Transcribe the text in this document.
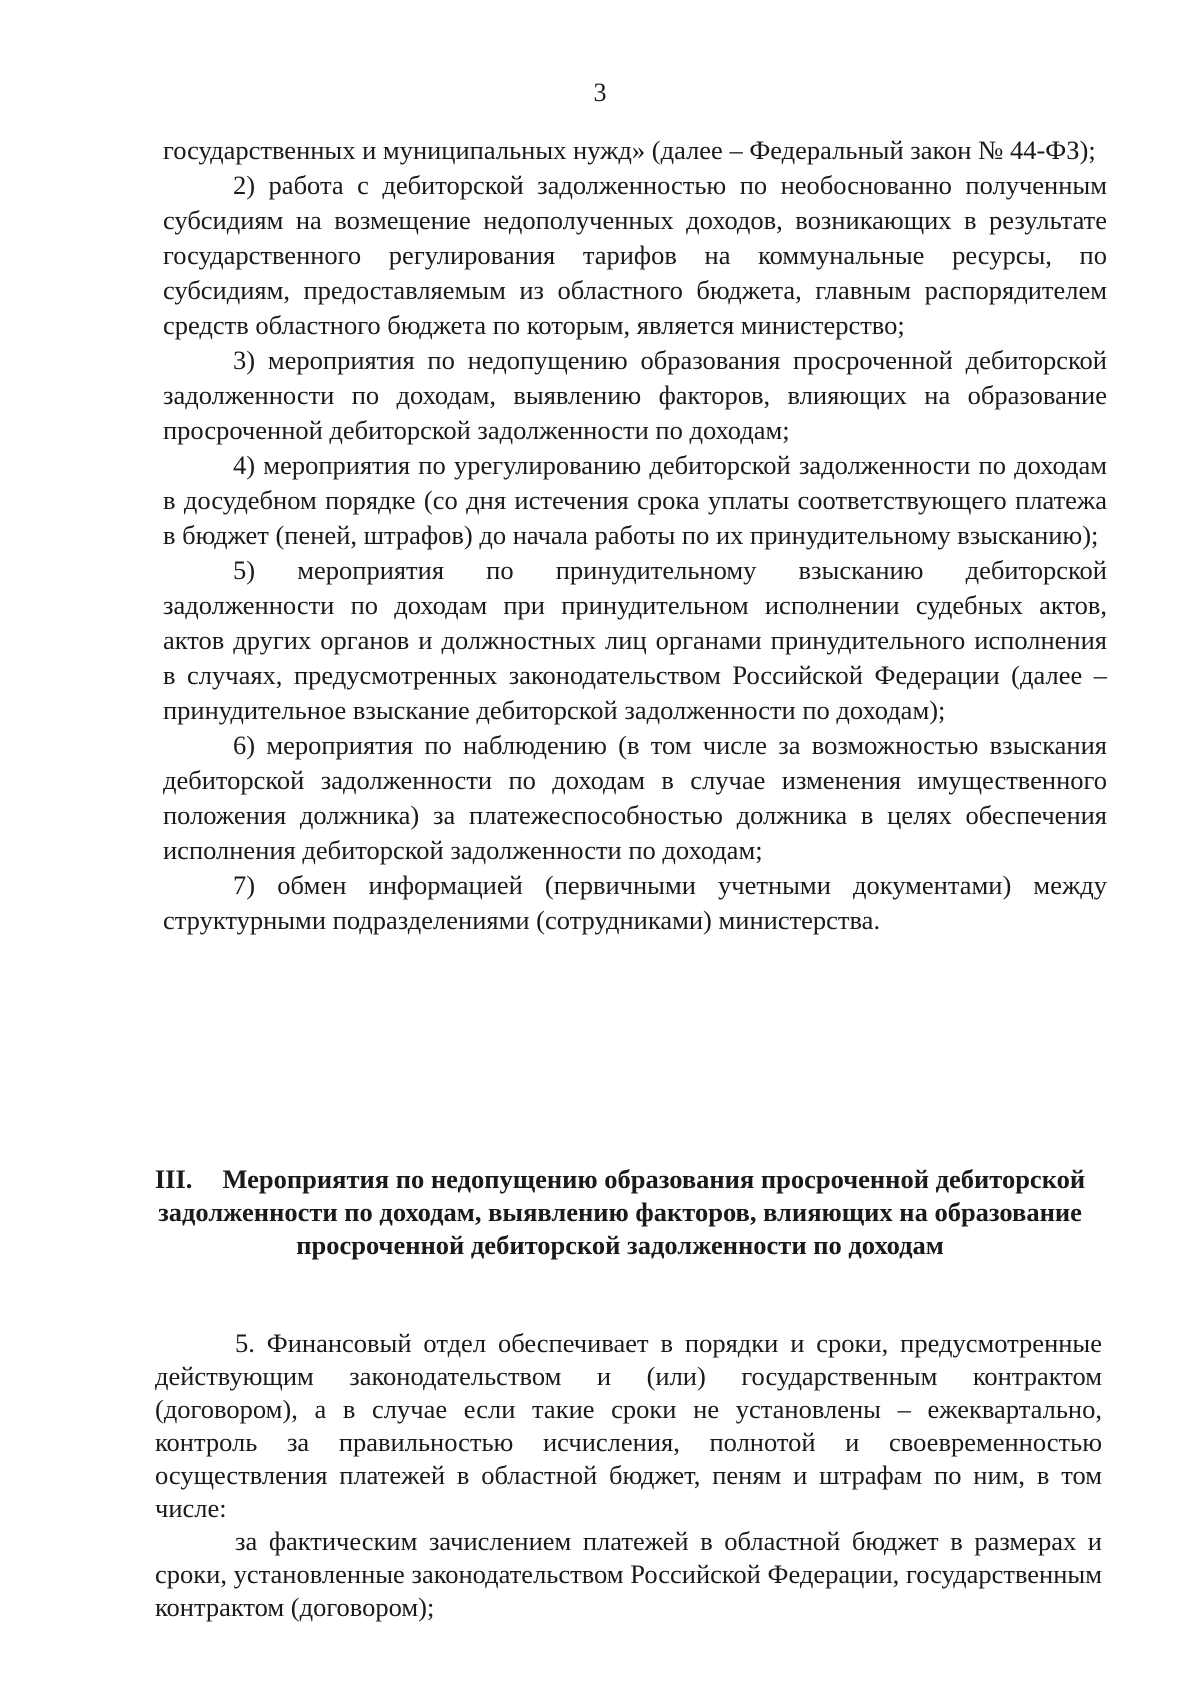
3

государственных и муниципальных нужд» (далее – Федеральный закон № 44-ФЗ);

2) работа с дебиторской задолженностью по необоснованно полученным субсидиям на возмещение недополученных доходов, возникающих в результате государственного регулирования тарифов на коммунальные ресурсы, по субсидиям, предоставляемым из областного бюджета, главным распорядителем средств областного бюджета по которым, является министерство;

3) мероприятия по недопущению образования просроченной дебиторской задолженности по доходам, выявлению факторов, влияющих на образование просроченной дебиторской задолженности по доходам;

4) мероприятия по урегулированию дебиторской задолженности по доходам в досудебном порядке (со дня истечения срока уплаты соответствующего платежа в бюджет (пеней, штрафов) до начала работы по их принудительному взысканию);

5) мероприятия по принудительному взысканию дебиторской задолженности по доходам при принудительном исполнении судебных актов, актов других органов и должностных лиц органами принудительного исполнения в случаях, предусмотренных законодательством Российской Федерации (далее – принудительное взыскание дебиторской задолженности по доходам);

6) мероприятия по наблюдению (в том числе за возможностью взыскания дебиторской задолженности по доходам в случае изменения имущественного положения должника) за платежеспособностью должника в целях обеспечения исполнения дебиторской задолженности по доходам;

7) обмен информацией (первичными учетными документами) между структурными подразделениями (сотрудниками) министерства.

III. Мероприятия по недопущению образования просроченной дебиторской задолженности по доходам, выявлению факторов, влияющих на образование просроченной дебиторской задолженности по доходам

5. Финансовый отдел обеспечивает в порядки и сроки, предусмотренные действующим законодательством и (или) государственным контрактом (договором), а в случае если такие сроки не установлены – ежеквартально, контроль за правильностью исчисления, полнотой и своевременностью осуществления платежей в областной бюджет, пеням и штрафам по ним, в том числе:

за фактическим зачислением платежей в областной бюджет в размерах и сроки, установленные законодательством Российской Федерации, государственным контрактом (договором);
